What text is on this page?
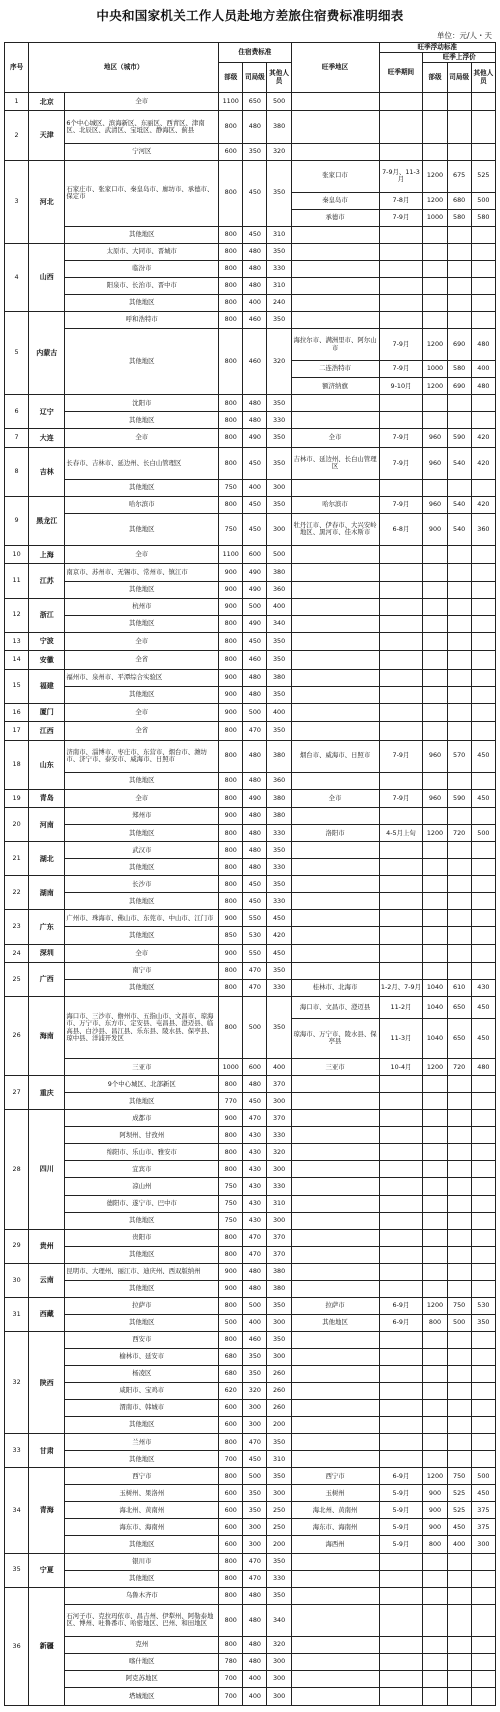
中央和国家机关工作人员赴地方差旅住宿费标准明细表
单位：元/人・天
序号	地区（城市）		住宿费标准			旺季地区	旺季浮动标准			
							旺季期间	旺季上浮价		
			部级	司局级	其他人员			部级	司局级	其他人员
1	北京	全市	1100	650	500					
2	天津	6个中心城区、滨海新区、东丽区、西青区、津南区、北辰区、武清区、宝坻区、静海区、蓟县	800	480	380					
		宁河区	600	350	320					
3	河北	石家庄市、张家口市、秦皇岛市、廊坊市、承德市、保定市	800	450	350	张家口市	7-9月、11-3月	1200	675	525
						秦皇岛市	7-8月	1200	680	500
						承德市	7-9月	1000	580	580
		其他地区	800	450	310					
4	山西	太原市、大同市、晋城市	800	480	350					
		临汾市	800	480	330					
		阳泉市、长治市、晋中市	800	480	310					
		其他地区	800	400	240					
5	内蒙古	呼和浩特市	800	460	350					
		其他地区	800	460	320	海拉尔市、满洲里市、阿尔山市	7-9月	1200	690	480
						二连浩特市	7-9月	1000	580	400
						额济纳旗	9-10月	1200	690	480
6	辽宁	沈阳市	800	480	350					
		其他地区	800	480	330					
7	大连	全市	800	490	350	全市	7-9月	960	590	420
8	吉林	长春市、吉林市、延边州、长白山管理区	800	450	350	吉林市、延边州、长白山管理区	7-9月	960	540	420
		其他地区	750	400	300					
9	黑龙江	哈尔滨市	800	450	350	哈尔滨市	7-9月	960	540	420
		其他地区	750	450	300	牡丹江市、伊春市、大兴安岭地区、黑河市、佳木斯市	6-8月	900	540	360
10	上海	全市	1100	600	500					
11	江苏	南京市、苏州市、无锡市、常州市、镇江市	900	490	380					
		其他地区	900	490	360					
12	浙江	杭州市	900	500	400					
		其他地区	800	490	340					
13	宁波	全市	800	450	350					
14	安徽	全省	800	460	350					
15	福建	福州市、泉州市、平潭综合实验区	900	480	380					
		其他地区	900	480	350					
16	厦门	全市	900	500	400					
17	江西	全省	800	470	350					
18	山东	济南市、淄博市、枣庄市、东营市、烟台市、潍坊市、济宁市、泰安市、威海市、日照市	800	480	380	烟台市、威海市、日照市	7-9月	960	570	450
		其他地区	800	480	360					
19	青岛	全市	800	490	380	全市	7-9月	960	590	450
20	河南	郑州市	900	480	380					
		其他地区	800	480	330	洛阳市	4-5月上旬	1200	720	500
21	湖北	武汉市	800	480	350					
		其他地区	800	480	330					
22	湖南	长沙市	800	450	350					
		其他地区	800	450	330					
23	广东	广州市、珠海市、佛山市、东莞市、中山市、江门市	900	550	450					
		其他地区	850	530	420					
24	深圳	全市	900	550	450					
25	广西	南宁市	800	470	350					
		其他地区	800	470	330	桂林市、北海市	1-2月、7-9月	1040	610	430
26	海南	海口市、三沙市、儋州市、五指山市、文昌市、琼海市、万宁市、东方市、定安县、屯昌县、澄迈县、临高县、白沙县、昌江县、乐东县、陵水县、保亭县、琼中县、洋浦开发区	800	500	350	海口市、文昌市、澄迈县	11-2月	1040	650	450
						琼海市、万宁市、陵水县、保亭县	11-3月	1040	650	450
		三亚市	1000	600	400	三亚市	10-4月	1200	720	480
27	重庆	9个中心城区、北部新区	800	480	370					
		其他地区	770	450	300					
28	四川	成都市	900	470	370					
		阿坝州、甘孜州	800	430	330					
		绵阳市、乐山市、雅安市	800	430	320					
		宜宾市	800	430	300					
		凉山州	750	430	330					
		德阳市、遂宁市、巴中市	750	430	310					
		其他地区	750	430	300					
29	贵州	贵阳市	800	470	370					
		其他地区	800	470	370					
30	云南	昆明市、大理州、丽江市、迪庆州、西双版纳州	900	480	380					
		其他地区	900	480	380					
31	西藏	拉萨市	800	500	350	拉萨市	6-9月	1200	750	530
		其他地区	500	400	300	其他地区	6-9月	800	500	350
32	陕西	西安市	800	460	350					
		榆林市、延安市	680	350	300					
		杨凌区	680	350	260					
		咸阳市、宝鸡市	620	320	260					
		渭南市、韩城市	600	300	260					
		其他地区	600	300	200					
33	甘肃	兰州市	800	470	350					
		其他地区	700	450	310					
34	青海	西宁市	800	500	350	西宁市	6-9月	1200	750	500
		玉树州、果洛州	600	350	300	玉树州	5-9月	900	525	450
		海北州、黄南州	600	350	250	海北州、黄南州	5-9月	900	525	375
		海东市、海南州	600	300	250	海东市、海南州	5-9月	900	450	375
		其他地区	600	300	200	海西州	5-9月	800	400	300
35	宁夏	银川市	800	470	350					
		其他地区	800	470	330					
36	新疆	乌鲁木齐市	800	480	350					
		石河子市、克拉玛依市、昌吉州、伊犁州、阿勒泰地区、博州、吐鲁番市、哈密地区、巴州、和田地区	800	480	340					
		克州	800	480	320					
		喀什地区	780	480	300					
		阿克苏地区	700	400	300					
		塔城地区	700	400	300					
